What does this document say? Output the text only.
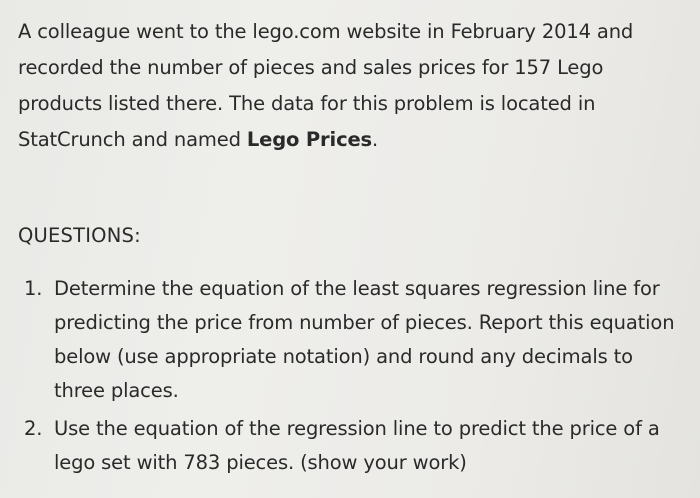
A colleague went to the lego.com website in February 2014 and
recorded the number of pieces and sales prices for 157 Lego
products listed there. The data for this problem is located in
StatCrunch and named Lego Prices.
QUESTIONS:
1. Determine the equation of the least squares regression line for
predicting the price from number of pieces. Report this equation
below (use appropriate notation) and round any decimals to
three places.
2. Use the equation of the regression line to predict the price of a
lego set with 783 pieces. (show your work)
